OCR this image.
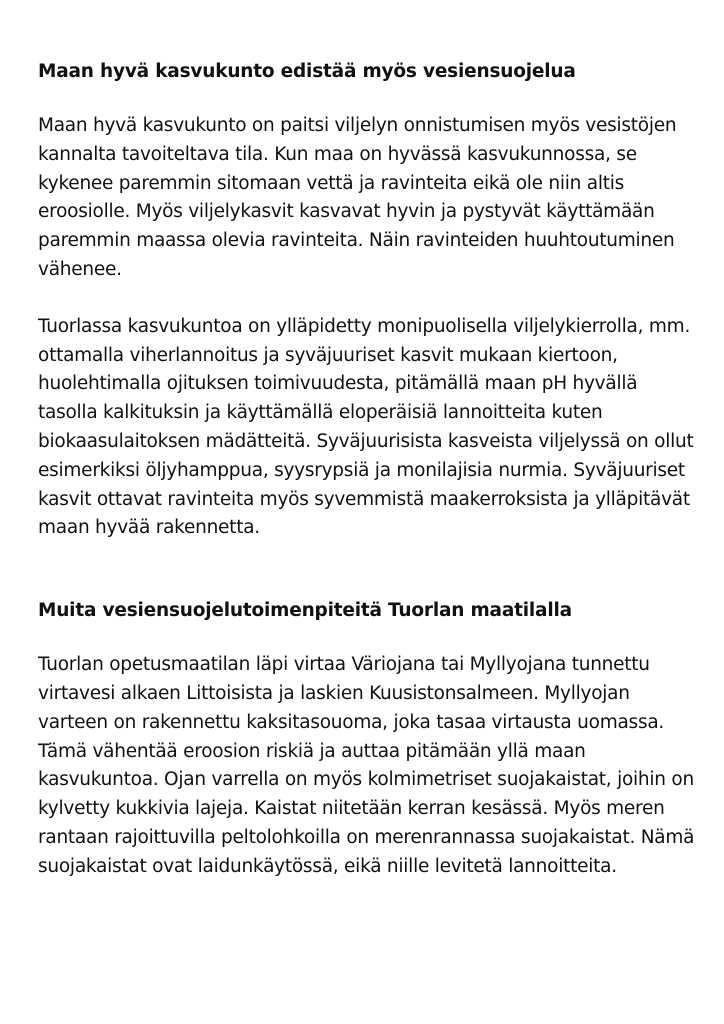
Maan hyvä kasvukunto edistää myös vesiensuojelua

Maan hyvä kasvukunto on paitsi viljelyn onnistumisen myös vesistöjen kannalta tavoiteltava tila. Kun maa on hyvässä kasvukunnossa, se kykenee paremmin sitomaan vettä ja ravinteita eikä ole niin altis eroosiolle. Myös viljelykasvit kasvavat hyvin ja pystyvät käyttämään paremmin maassa olevia ravinteita. Näin ravinteiden huuhtoutuminen vähenee.

Tuorlassa kasvukuntoa on ylläpidetty monipuolisella viljelykierrolla, mm. ottamalla viherlannoitus ja syväjuuriset kasvit mukaan kiertoon, huolehtimalla ojituksen toimivuudesta, pitämällä maan pH hyvällä tasolla kalkituksin ja käyttämällä eloperäisiä lannoitteita kuten biokaasulaitoksen mädätteitä. Syväjuurisista kasveista viljelyssä on ollut esimerkiksi öljyhamppua, syysrypsiä ja monilajisia nurmia. Syväjuuriset kasvit ottavat ravinteita myös syvemmistä maakerroksista ja ylläpitävät maan hyvää rakennetta.

Muita vesiensuojelutoimenpiteitä Tuorlan maatilalla

Tuorlan opetusmaatilan läpi virtaa Väriojana tai Myllyojana tunnettu virtavesi alkaen Littoisista ja laskien Kuusistonsalmeen. Myllyojan varteen on rakennettu kaksitasouoma, joka tasaa virtausta uomassa. Tämä vähentää eroosion riskiä ja auttaa pitämään yllä maan kasvukuntoa. Ojan varrella on myös kolmimetriset suojakaistat, joihin on kylvetty kukkivia lajeja. Kaistat niitetään kerran kesässä. Myös meren rantaan rajoittuvilla peltolohkoilla on merenrannassa suojakaistat. Nämä suojakaistat ovat laidunkäytössä, eikä niille levitetä lannoitteita.
